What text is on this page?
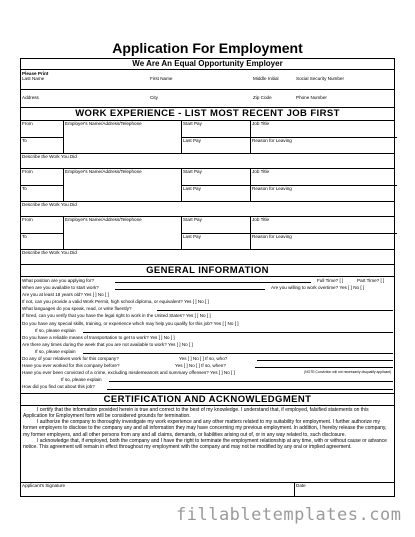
Application For Employment
We Are An Equal Opportunity Employer
Please Print
Last Name	First Name	Middle Initial	Social Security Number
Address	City	Zip Code	Phone Number
WORK EXPERIENCE - LIST MOST RECENT JOB FIRST
From
To
Employer's Name/Address/Telephone	Start Pay
Last Pay
Job Title
Reason for Leaving
Describe the Work You Did
From
To
Employer's Name/Address/Telephone	Start Pay
Last Pay
Job Title
Reason for Leaving
Describe the Work You Did
From
To
Employer's Name/Address/Telephone	Start Pay
Last Pay
Job Title
Reason for Leaving
Describe the Work You Did
GENERAL INFORMATION
What position are you applying for?	Full Time? [ ]	Part Time? [ ]
When are you available to start work?	Are you willing to work overtime? Yes [ ] No [ ]
Are you at least 18 years old? Yes [ ] No [ ]
If not, can you provide a valid Work Permit, high school diploma, or equivalent? Yes [ ] No [ ]
What languages do you speak, read, or write fluently?
If hired, can you verify that you have the legal right to work in the United States? Yes [ ] No [ ]
Do you have any special skills, training, or experience which may help you qualify for this job? Yes [ ] No [ ]
If so, please explain
Do you have a reliable means of transportation to get to work? Yes [ ] No [ ]
Are there any times during the week that you are not available to work? Yes [ ] No [ ]
If so, please explain
Do any of your relatives work for this company?	Yes [ ] No [ ] If so, who?
Have you ever worked for this company before?	Yes [ ] No [ ] If so, when?
Have you ever been convicted of a crime, excluding misdemeanors and summary offenses? Yes [ ] No [ ]	(NOTE:Conviction will not necessarily disqualify applicant)
If so, please explain
How did you find out about this job?
CERTIFICATION AND ACKNOWLEDGMENT

I certify that the information provided herein is true and correct to the best of my knowledge. I understand that, if employed, falsified statements on this Application for Employment form will be considered grounds for termination.

I authorize the company to thoroughly investigate my work experience and any other matters related to my suitability for employment. I further authorize my former employers to disclose to the company any and all information they may have concerning my previous employment. In addition, I hereby release the company, my former employers, and all other persons from any and all claims, demands, or liabilities arising out of, or in any way related to, such disclosure.

I acknowledge that, if employed, both the company and I have the right to terminate the employment relationship at any time, with or without cause or advance notice. This agreement will remain in effect throughout my employment with the company and may not be modified by any oral or implied agreement.

Applicant's Signature	Date
fillabletemplates.com
